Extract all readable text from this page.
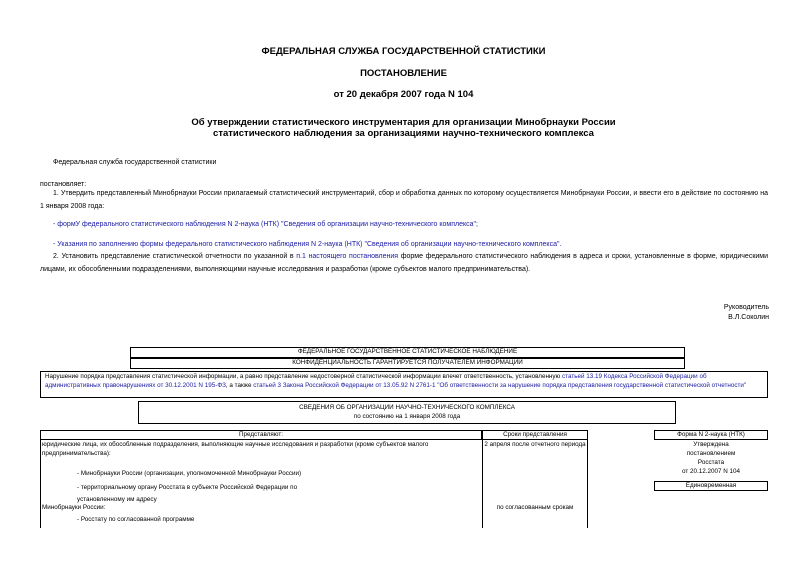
ФЕДЕРАЛЬНАЯ СЛУЖБА ГОСУДАРСТВЕННОЙ СТАТИСТИКИ
ПОСТАНОВЛЕНИЕ
от 20 декабря 2007 года N 104
Об утверждении статистического инструментария для организации Минобрнауки России
статистического наблюдения за организациями научно-технического комплекса
Федеральная служба государственной статистики
постановляет:
1. Утвердить представленный Минобрнауки России прилагаемый статистический инструментарий, сбор и обработка данных по которому осуществляется Минобрнауки России, и ввести его в действие по состоянию на 1 января 2008 года:
- формУ федерального статистического наблюдения N 2-наука (НТК) "Сведения об организации научно-технического комплекса";
- Указания по заполнению формы федерального статистического наблюдения N 2-наука (НТК) "Сведения об организации научно-технического комплекса".
2. Установить представление статистической отчетности по указанной в п.1 настоящего постановления форме федерального статистического наблюдения в адреса и сроки, установленные в форме, юридическими лицами, их обособленными подразделениями, выполняющими научные исследования и разработки (кроме субъектов малого предпринимательства).
Руководитель
В.Л.Соколин
ФЕДЕРАЛЬНОЕ ГОСУДАРСТВЕННОЕ СТАТИСТИЧЕСКОЕ НАБЛЮДЕНИЕ
КОНФИДЕНЦИАЛЬНОСТЬ ГАРАНТИРУЕТСЯ ПОЛУЧАТЕЛЕМ ИНФОРМАЦИИ
Нарушение порядка представления статистической информации, а равно представление недостоверной статистической информации влечет ответственность, установленную статьей 13.19 Кодекса Российской Федерации об административных правонарушениях от 30.12.2001 N 195-ФЗ, а также статьей 3 Закона Российской Федерации от 13.05.92 N 2761-1 "Об ответственности за нарушение порядка представления государственной статистической отчетности"
СВЕДЕНИЯ ОБ ОРГАНИЗАЦИИ НАУЧНО-ТЕХНИЧЕСКОГО КОМПЛЕКСА
по состоянию на 1 января 2008 года
Представляют:	Сроки представления	Форма N 2-наука (НТК)
юридические лица, их обособленные подразделения, выполняющие научные исследования и разработки (кроме субъектов малого предпринимательства):
- Минобрнауки России (организации, уполномоченной Минобрнауки России)
- территориальному органу Росстата в субъекте Российской Федерации по установленному им адресу
2 апреля после отчетного периода
Минобрнауки России:
- Росстату по согласованной программе
по согласованным срокам
Утверждена
постановлением
Росстата
от 20.12.2007 N 104
Единовременная
